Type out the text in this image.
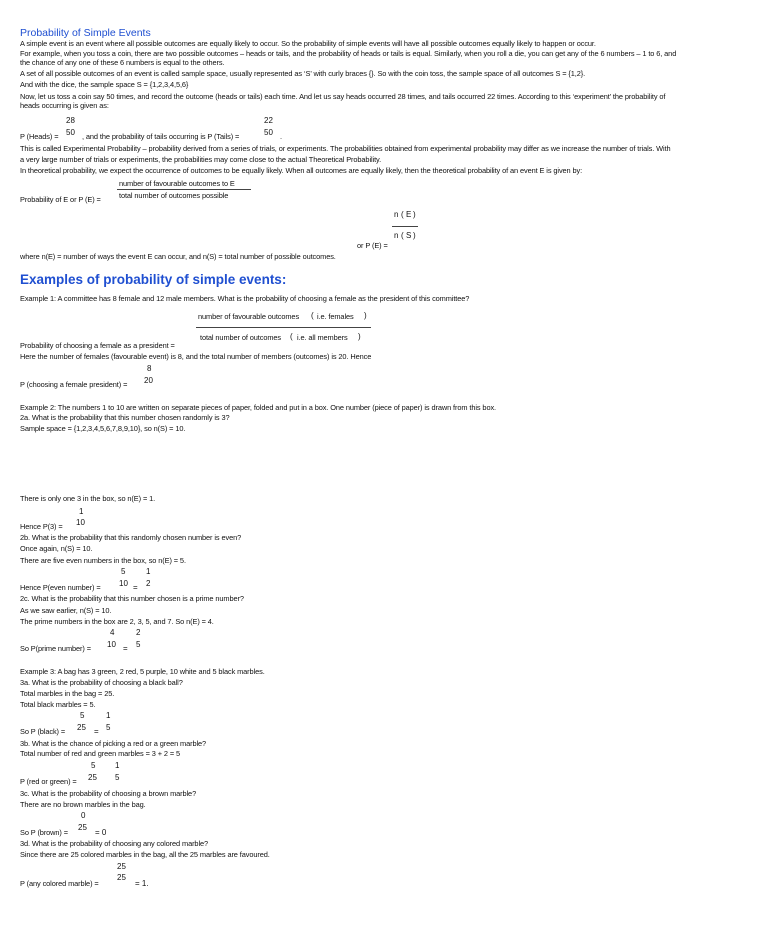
Probability of Simple Events
A simple event is an event where all possible outcomes are equally likely to occur. So the probability of simple events will have all possible outcomes equally likely to happen or occur.
For example, when you toss a coin, there are two possible outcomes – heads or tails, and the probability of heads or tails is equal. Similarly, when you roll a die, you can get any of the 6 numbers – 1 to 6, and
the chance of any one of these 6 numbers is equal to the others.
A set of all possible outcomes of an event is called sample space, usually represented as ‘S’ with curly braces {}. So with the coin toss, the sample space of all outcomes S = {1,2}.
And with the dice, the sample space S = {1,2,3,4,5,6}
Now, let us toss a coin say 50 times, and record the outcome (heads or tails) each time. And let us say heads occurred 28 times, and tails occurred 22 times. According to this ‘experiment’ the probability of
heads occurring is given as:
28
P (Heads) = 50 , and the probability of tails occurring is P (Tails) =
22
50 .
This is called Experimental Probability – probability derived from a series of trials, or experiments. The probabilities obtained from experimental probability may differ as we increase the number of trials. With
a very large number of trials or experiments, the probabilities may come close to the actual Theoretical Probability.
In theoretical probability, we expect the occurrence of outcomes to be equally likely. When all outcomes are equally likely, then the theoretical probability of an event E is given by:
number of favourable outcomes to E
total number of outcomes possible
Probability of E or P (E) =
n ( E )
n ( S )
or P (E) =
where n(E) = number of ways the event E can occur, and n(S) = total number of possible outcomes.
Examples of probability of simple events:
Example 1: A committee has 8 female and 12 male members. What is the probability of choosing a female as the president of this committee?
number of favourable outcomes ( i.e. females )
total number of outcomes ( i.e. all members )
Probability of choosing a female as a president =
Here the number of females (favourable event) is 8, and the total number of members (outcomes) is 20. Hence
8
20
P (choosing a female president) =
Example 2: The numbers 1 to 10 are written on separate pieces of paper, folded and put in a box. One number (piece of paper) is drawn from this box.
2a. What is the probability that this number chosen randomly is 3?
Sample space = {1,2,3,4,5,6,7,8,9,10}, so n(S) = 10.
There is only one 3 in the box, so n(E) = 1.
1
10
Hence P(3) =
2b. What is the probability that this randomly chosen number is even?
Once again, n(S) = 10.
There are five even numbers in the box, so n(E) = 5.
5
10
1
= 2
Hence P(even number) =
2c. What is the probability that this number chosen is a prime number?
As we saw earlier, n(S) = 10.
The prime numbers in the box are 2, 3, 5, and 7. So n(E) = 4.
4
10
2
= 5
So P(prime number) =
Example 3: A bag has 3 green, 2 red, 5 purple, 10 white and 5 black marbles.
3a. What is the probability of choosing a black ball?
Total marbles in the bag = 25.
Total black marbles = 5.
5
25
1
= 5
So P (black) =
3b. What is the chance of picking a red or a green marble?
Total number of red and green marbles = 3 + 2 = 5
5
25
1
5
P (red or green) =
3c. What is the probability of choosing a brown marble?
There are no brown marbles in the bag.
0
25
= 0
So P (brown) =
3d. What is the probability of choosing any colored marble?
Since there are 25 colored marbles in the bag, all the 25 marbles are favoured.
25
25
= 1.
P (any colored marble) =
